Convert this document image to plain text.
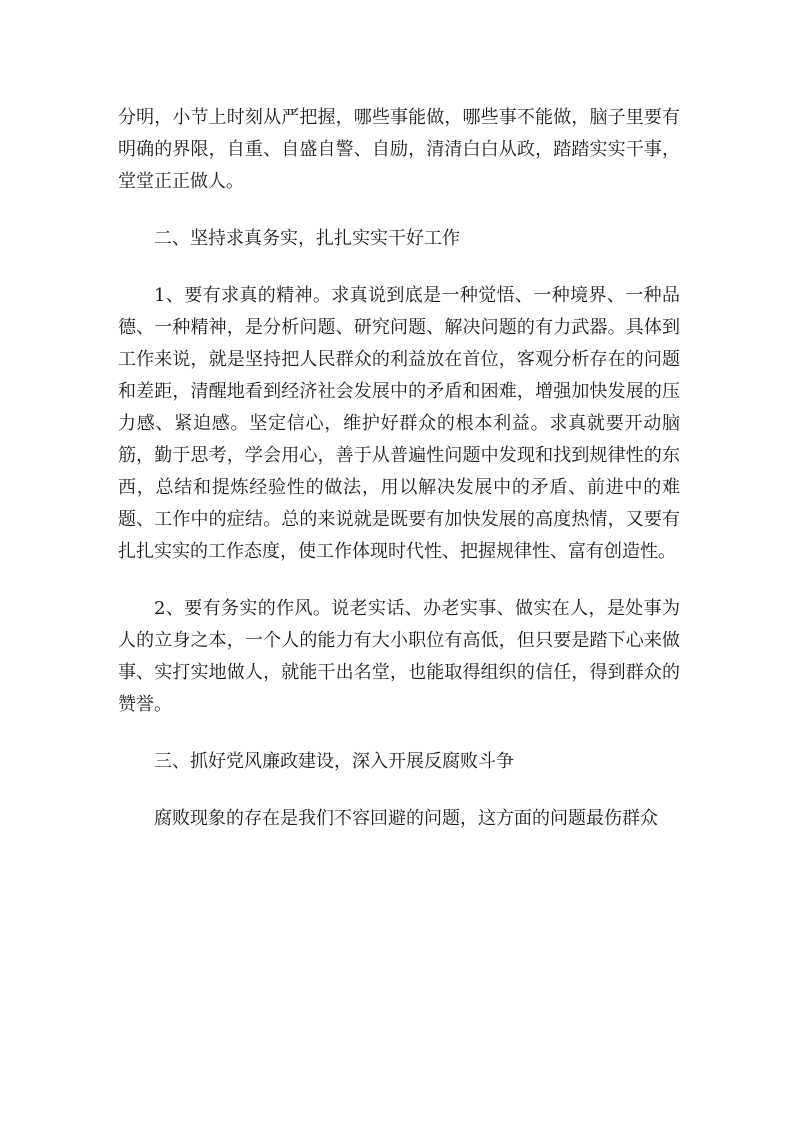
分明，小节上时刻从严把握，哪些事能做，哪些事不能做，脑子里要有明确的界限，自重、自盛自警、自励，清清白白从政，踏踏实实干事，堂堂正正做人。

二、坚持求真务实，扎扎实实干好工作

1、要有求真的精神。求真说到底是一种觉悟、一种境界、一种品德、一种精神，是分析问题、研究问题、解决问题的有力武器。具体到工作来说，就是坚持把人民群众的利益放在首位，客观分析存在的问题和差距，清醒地看到经济社会发展中的矛盾和困难，增强加快发展的压力感、紧迫感。坚定信心，维护好群众的根本利益。求真就要开动脑筋，勤于思考，学会用心，善于从普遍性问题中发现和找到规律性的东西，总结和提炼经验性的做法，用以解决发展中的矛盾、前进中的难题、工作中的症结。总的来说就是既要有加快发展的高度热情，又要有扎扎实实的工作态度，使工作体现时代性、把握规律性、富有创造性。

2、要有务实的作风。说老实话、办老实事、做实在人，是处事为人的立身之本，一个人的能力有大小职位有高低，但只要是踏下心来做事、实打实地做人，就能干出名堂，也能取得组织的信任，得到群众的赞誉。

三、抓好党风廉政建设，深入开展反腐败斗争

腐败现象的存在是我们不容回避的问题，这方面的问题最伤群众
